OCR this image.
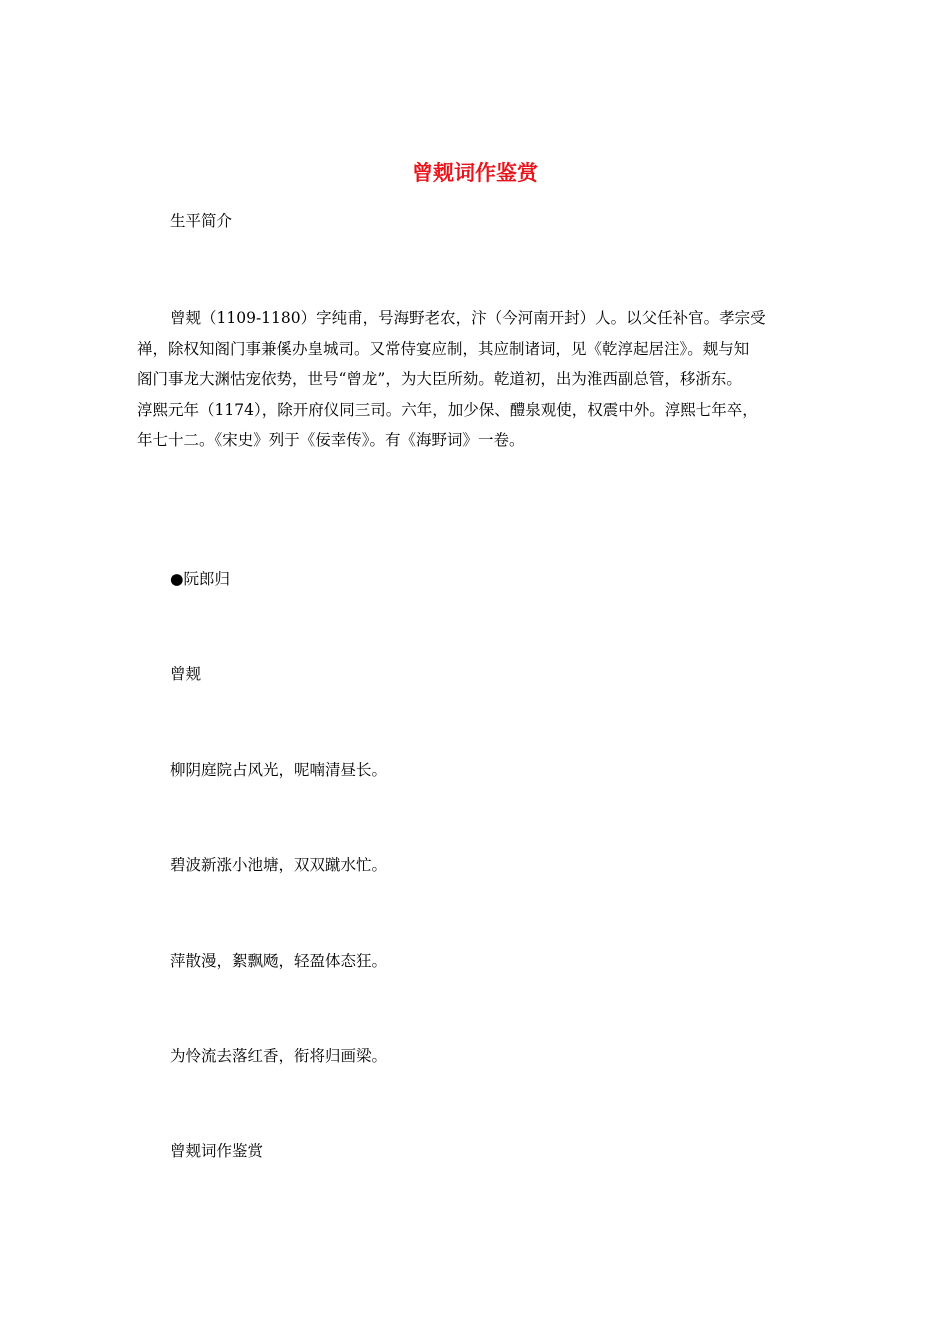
曾觌词作鉴赏
生平简介
曾觌（1109-1180）字纯甫，号海野老农，汴（今河南开封）人。以父任补官。孝宗受
禅，除权知阁门事兼傒办皇城司。又常侍宴应制，其应制诸词，见《乾淳起居注》。觌与知
阁门事龙大渊怙宠依势，世号“曾龙”，为大臣所劾。乾道初，出为淮西副总管，移浙东。
淳熙元年（1174），除开府仪同三司。六年，加少保、醴泉观使，权震中外。淳熙七年卒，
年七十二。《宋史》列于《佞幸传》。有《海野词》一卷。
●阮郎归
曾觌
柳阴庭院占风光，呢喃清昼长。
碧波新涨小池塘，双双蹴水忙。
萍散漫，絮飘飏，轻盈体态狂。
为怜流去落红香，衔将归画梁。
曾觌词作鉴赏
